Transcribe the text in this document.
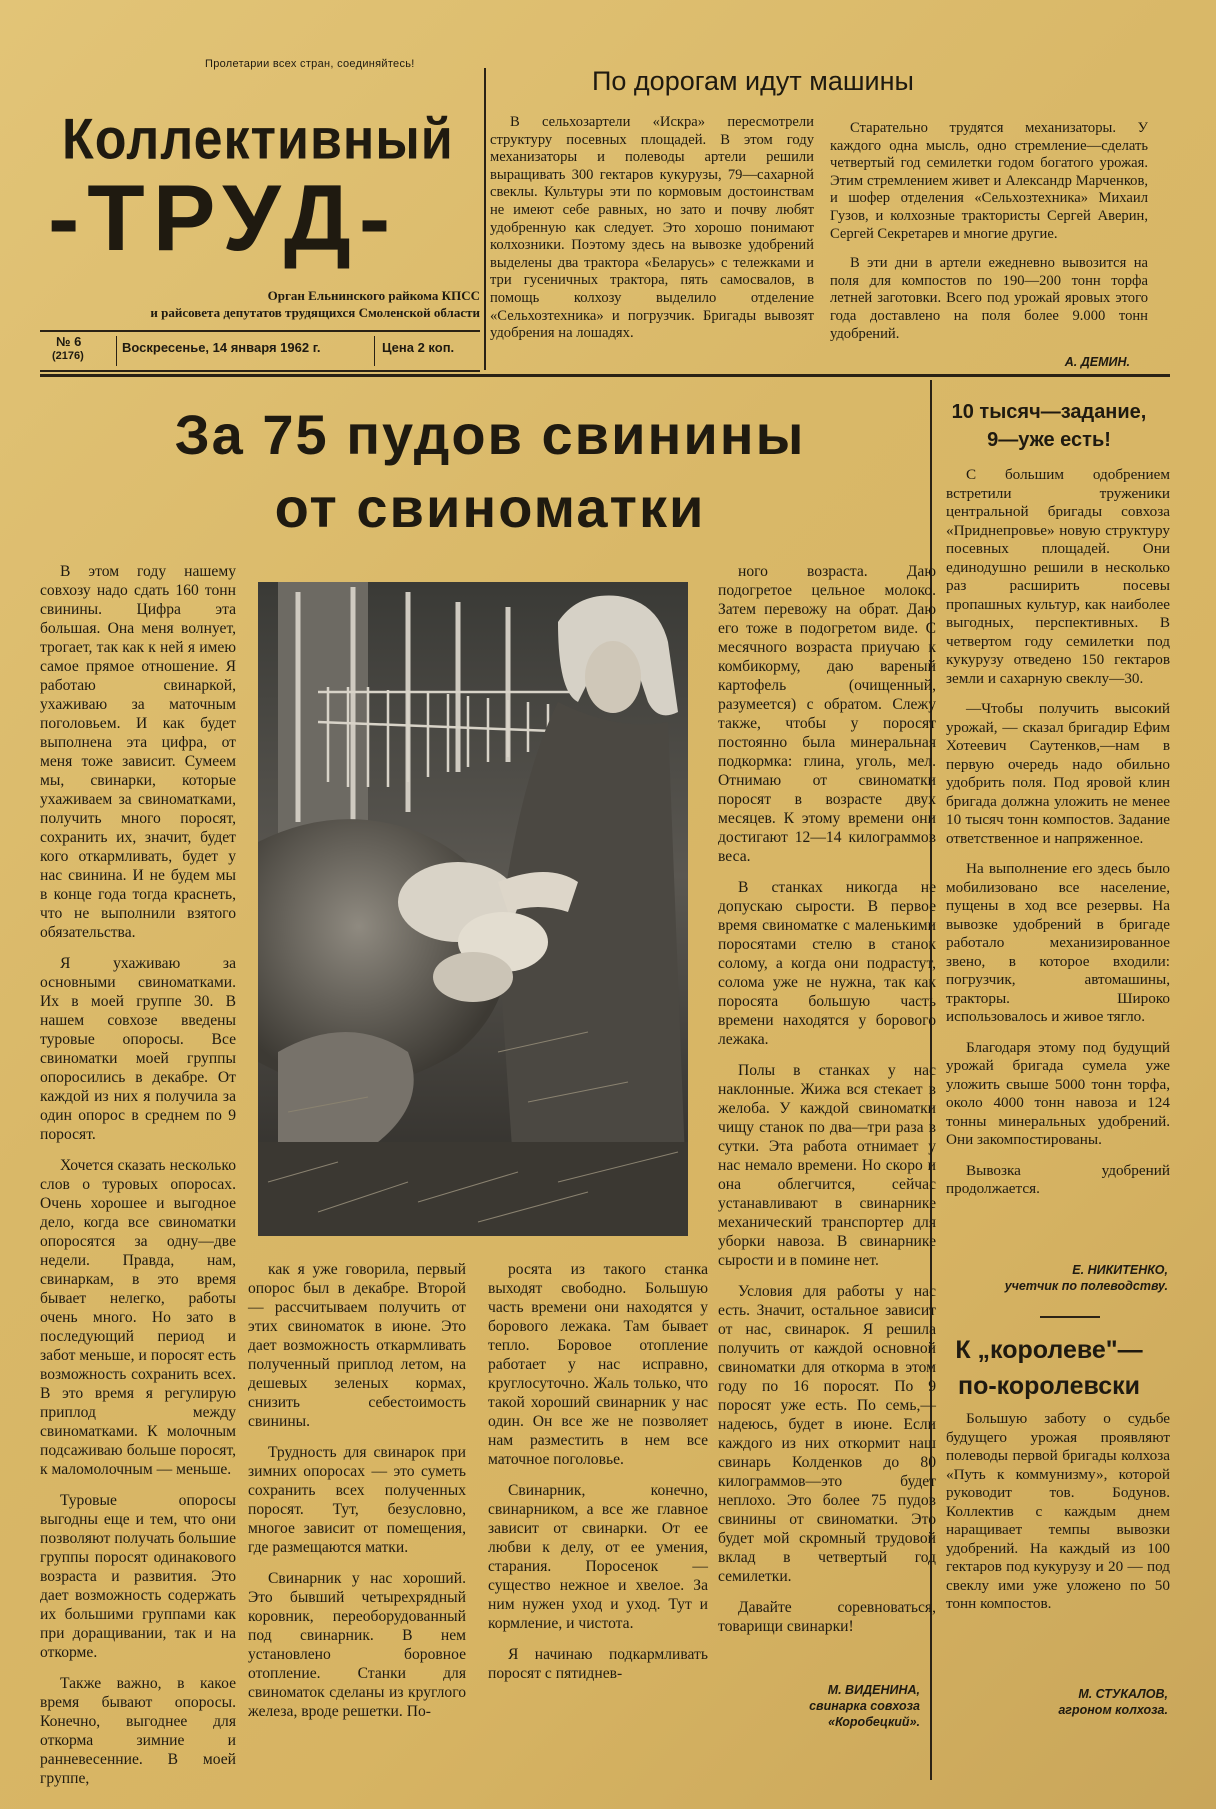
Пролетарии всех стран, соединяйтесь!
Коллективный
-ТРУД-
Орган Ельнинского райкома КПСС
и райсовета депутатов трудящихся Смоленской области
№ 6
(2176)
Воскресенье, 14 января 1962 г.	Цена 2 коп.
По дорогам идут машины

В сельхозартели «Искра» пересмотрели структуру посевных площадей. В этом году механизаторы и полеводы артели решили выращивать 300 гектаров кукурузы, 79—сахарной свеклы. Культуры эти по кормовым достоинствам не имеют себе равных, но зато и почву любят удобренную как следует. Это хорошо понимают колхозники. Поэтому здесь на вывозке удобрений выделены два трактора «Беларусь» с тележками и три гусеничных трактора, пять самосвалов, в помощь колхозу выделило отделение «Сельхозтехника» и погрузчик. Бригады вывозят удобрения на лошадях.

Старательно трудятся механизаторы. У каждого одна мысль, одно стремление—сделать четвертый год семилетки годом богатого урожая. Этим стремлением живет и Александр Марченков, и шофер отделения «Сельхозтехника» Михаил Гузов, и колхозные трактористы Сергей Аверин, Сергей Секретарев и многие другие.

В эти дни в артели ежедневно вывозится на поля для компостов по 190—200 тонн торфа летней заготовки. Всего под урожай яровых этого года доставлено на поля более 9.000 тонн удобрений.

А. ДЕМИН.
За 75 пудов свинины
от свиноматки

В этом году нашему совхозу надо сдать 160 тонн свинины. Цифра эта большая. Она меня волнует, трогает, так как к ней я имею самое прямое отношение. Я работаю свинаркой, ухаживаю за маточным поголовьем. И как будет выполнена эта цифра, от меня тоже зависит. Сумеем мы, свинарки, которые ухаживаем за свиноматками, получить много поросят, сохранить их, значит, будет кого откармливать, будет у нас свинина. И не будем мы в конце года тогда краснеть, что не выполнили взятого обязательства.

Я ухаживаю за основными свиноматками. Их в моей группе 30. В нашем совхозе введены туровые опоросы. Все свиноматки моей группы опоросились в декабре. От каждой из них я получила за один опорос в среднем по 9 поросят.

Хочется сказать несколько слов о туровых опоросах. Очень хорошее и выгодное дело, когда все свиноматки опоросятся за одну—две недели. Правда, нам, свинаркам, в это время бывает нелегко, работы очень много. Но зато в последующий период и забот меньше, и поросят есть возможность сохранить всех. В это время я регулирую приплод между свиноматками. К молочным подсаживаю больше поросят, к маломолочным — меньше.

Туровые опоросы выгодны еще и тем, что они позволяют получать большие группы поросят одинакового возраста и развития. Это дает возможность содержать их большими группами как при доращивании, так и на откорме.

Также важно, в какое время бывают опоросы. Конечно, выгоднее для откорма зимние и ранневесенние. В моей группе,

как я уже говорила, первый опорос был в декабре. Второй — рассчитываем получить от этих свиноматок в июне. Это дает возможность откармливать полученный приплод летом, на дешевых зеленых кормах, снизить себестоимость свинины.

Трудность для свинарок при зимних опоросах — это суметь сохранить всех полученных поросят. Тут, безусловно, многое зависит от помещения, где размещаются матки.

Свинарник у нас хороший. Это бывший четырехрядный коровник, переоборудованный под свинарник. В нем установлено боровное отопление. Станки для свиноматок сделаны из круглого железа, вроде решетки. По-

росята из такого станка выходят свободно. Большую часть времени они находятся у борового лежака. Там бывает тепло. Боровое отопление работает у нас исправно, круглосуточно. Жаль только, что такой хороший свинарник у нас один. Он все же не позволяет нам разместить в нем все маточное поголовье.

Свинарник, конечно, свинарником, а все же главное зависит от свинарки. От ее любви к делу, от ее умения, старания. Поросенок — существо нежное и хвелое. За ним нужен уход и уход. Тут и кормление, и чистота.

Я начинаю подкармливать поросят с пятиднев-

ного возраста. Даю подогретое цельное молоко. Затем перевожу на обрат. Даю его тоже в подогретом виде. С месячного возраста приучаю к комбикорму, даю вареный картофель (очищенный, разумеется) с обратом. Слежу также, чтобы у поросят постоянно была минеральная подкормка: глина, уголь, мел. Отнимаю от свиноматки поросят в возрасте двух месяцев. К этому времени они достигают 12—14 килограммов веса.

В станках никогда не допускаю сырости. В первое время свиноматке с маленькими поросятами стелю в станок солому, а когда они подрастут, солома уже не нужна, так как поросята большую часть времени находятся у борового лежака.

Полы в станках у нас наклонные. Жижа вся стекает в желоба. У каждой свиноматки чищу станок по два—три раза в сутки. Эта работа отнимает у нас немало времени. Но скоро и она облегчится, сейчас устанавливают в свинарнике механический транспортер для уборки навоза. В свинарнике сырости и в помине нет.

Условия для работы у нас есть. Значит, остальное зависит от нас, свинарок. Я решила получить от каждой основной свиноматки для откорма в этом году по 16 поросят. По 9 поросят уже есть. По семь,—надеюсь, будет в июне. Если каждого из них откормит наш свинарь Колденков до 80 килограммов—это будет неплохо. Это более 75 пудов свинины от свиноматки. Это будет мой скромный трудовой вклад в четвертый год семилетки.

Давайте соревноваться, товарищи свинарки!

М. ВИДЕНИНА,
свинарка совхоза «Коробецкий».
10 тысяч—задание,
9—уже есть!

С большим одобрением встретили труженики центральной бригады совхоза «Приднепровье» новую структуру посевных площадей. Они единодушно решили в несколько раз расширить посевы пропашных культур, как наиболее выгодных, перспективных. В четвертом году семилетки под кукурузу отведено 150 гектаров земли и сахарную свеклу—30.

—Чтобы получить высокий урожай, — сказал бригадир Ефим Хотеевич Саутенков,—нам в первую очередь надо обильно удобрить поля. Под яровой клин бригада должна уложить не менее 10 тысяч тонн компостов. Задание ответственное и напряженное.

На выполнение его здесь было мобилизовано все население, пущены в ход все резервы. На вывозке удобрений в бригаде работало механизированное звено, в которое входили: погрузчик, автомашины, тракторы. Широко использовалось и живое тягло.

Благодаря этому под будущий урожай бригада сумела уже уложить свыше 5000 тонн торфа, около 4000 тонн навоза и 124 тонны минеральных удобрений. Они закомпостированы.

Вывозка удобрений продолжается.

Е. НИКИТЕНКО,
учетчик по полеводству.
К „королеве"—
по-королевски

Большую заботу о судьбе будущего урожая проявляют полеводы первой бригады колхоза «Путь к коммунизму», которой руководит тов. Бодунов. Коллектив с каждым днем наращивает темпы вывозки удобрений. На каждый из 100 гектаров под кукурузу и 20 — под свеклу ими уже уложено по 50 тонн компостов.

М. СТУКАЛОВ,
агроном колхоза.
